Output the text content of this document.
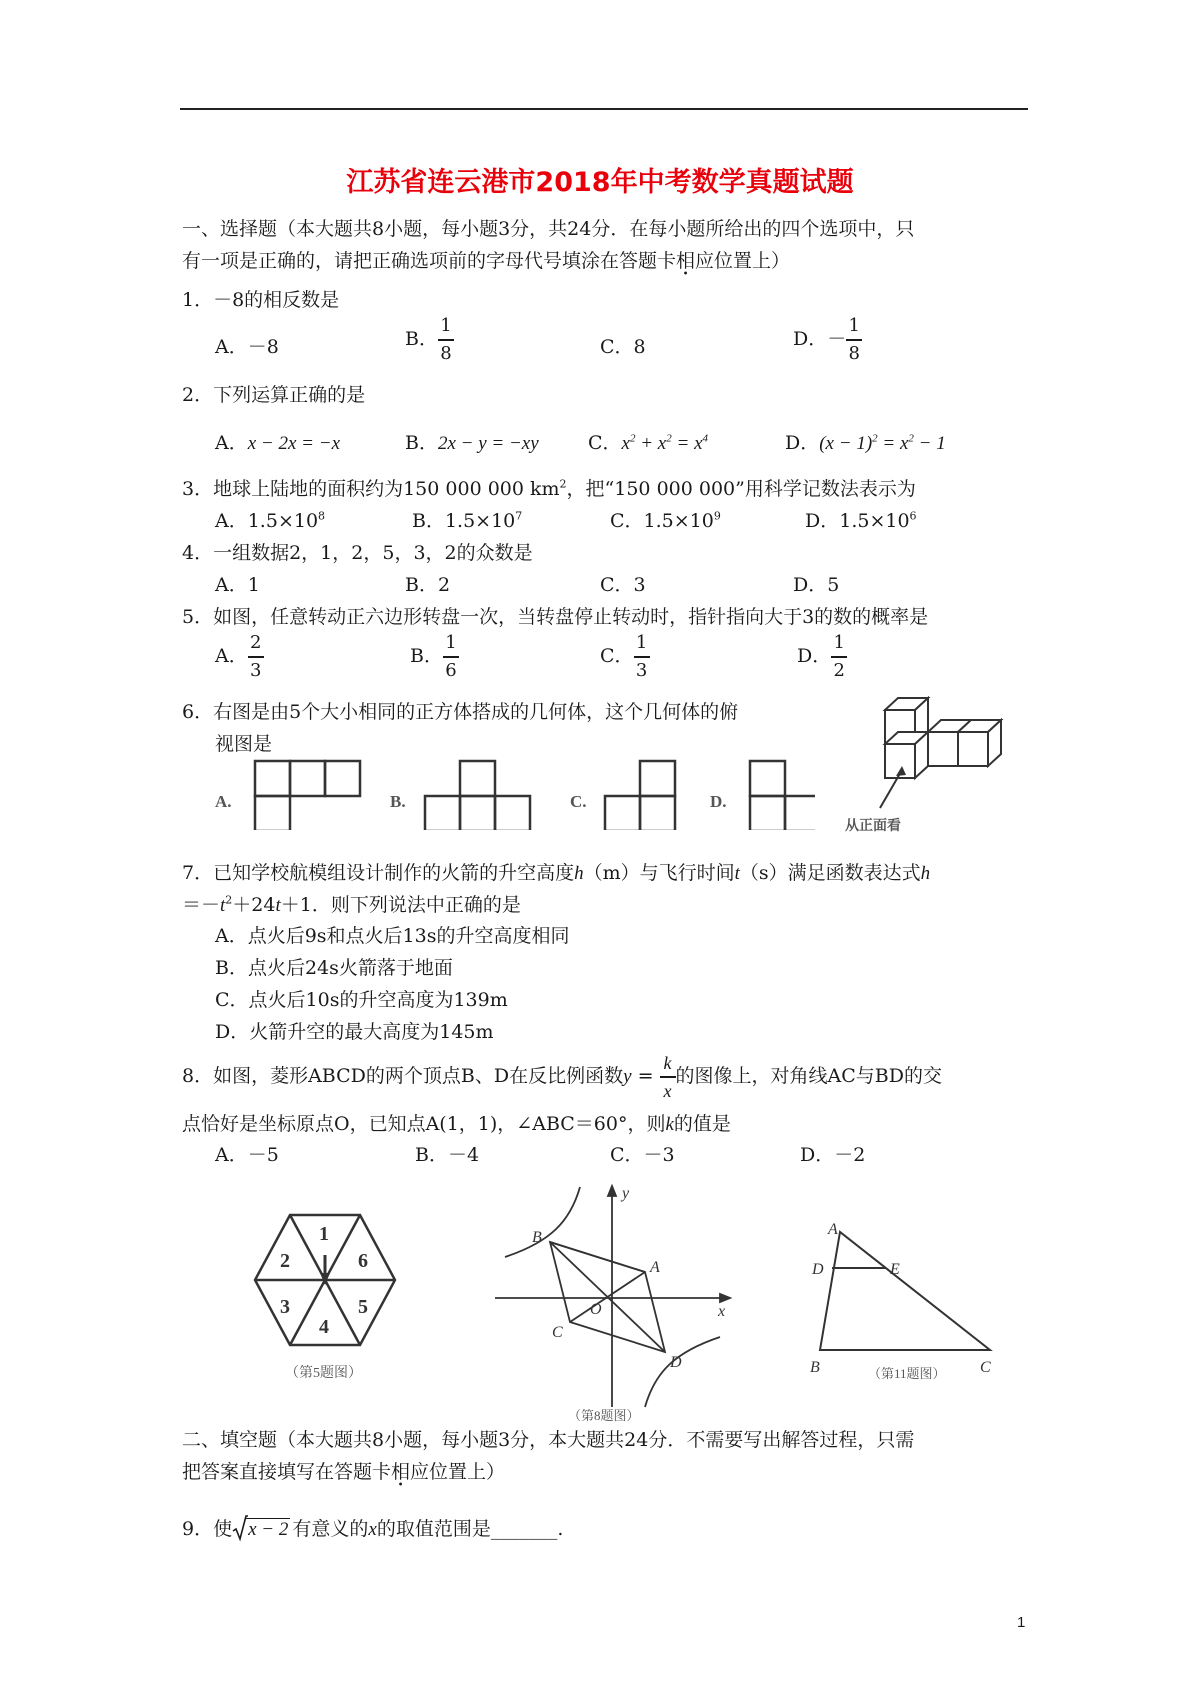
江苏省连云港市2018年中考数学真题试题
一、选择题（本大题共8小题，每小题3分，共24分．在每小题所给出的四个选项中，只
有一项是正确的，请把正确选项前的字母代号填涂在答题卡相应位置 •上）
1．－8的相反数是
A．－8	B． $\frac{1}{8}$	C．8	D．－ $\frac{1}{8}$
2．下列运算正确的是
A．x − 2x = −x	B．2x − y = −xy	C．$x^2 + x^2 = x^4$	D．$(x - 1)^2 = x^2 - 1$
3．地球上陆地的面积约为150 000 000 $km^2$，把“150 000 000”用科学记数法表示为
A．$1.5\times 10^8$	B．$1.5\times 10^7$	C．$1.5\times 10^9$	D．$1.5\times 10^6$
4．一组数据2，1，2，5，3，2的众数是
A．1	B．2	C．3	D．5
5．如图，任意转动正六边形转盘一次，当转盘停止转动时，指针指向大于3的数的概率是
A． $\frac{2}{3}$	B． $\frac{1}{6}$	C． $\frac{1}{3}$	D． $\frac{1}{2}$
6．右图是由5个大小相同的正方体搭成的几何体，这个几何体的俯
视图是
A.	B.	C.	D.
从正面看
7．已知学校航模组设计制作的火箭的升空高度h（m）与飞行时间t（s）满足函数表达式h
$=-t^2+24t+1$．则下列说法中正确的是
A．点火后9s和点火后13s的升空高度相同
B．点火后24s火箭落于地面
C．点火后10s的升空高度为139m
D．火箭升空的最大高度为145m
8．如图，菱形ABCD的两个顶点B、D在反比例函数$y = \frac{k}{x}$ 的图像上，对角线AC与BD的交
点恰好是坐标原点O，已知点A(1，1)，∠ABC＝60°，则k的值是
A．－5	B．－4	C．－3	D．－2
1
6
5
4
3
2
（第5题图）
B
A
O
C
D
x
y
（第8题图）
A
D	E
B	C
（第11题图）
二、填空题（本大题共8小题，每小题3分，本大题共24分．不需要写出解答过程，只需
把答案直接填写在答题卡相应位置 •上）
9．使 x − 2 有意义的x的取值范围是_______.
1
